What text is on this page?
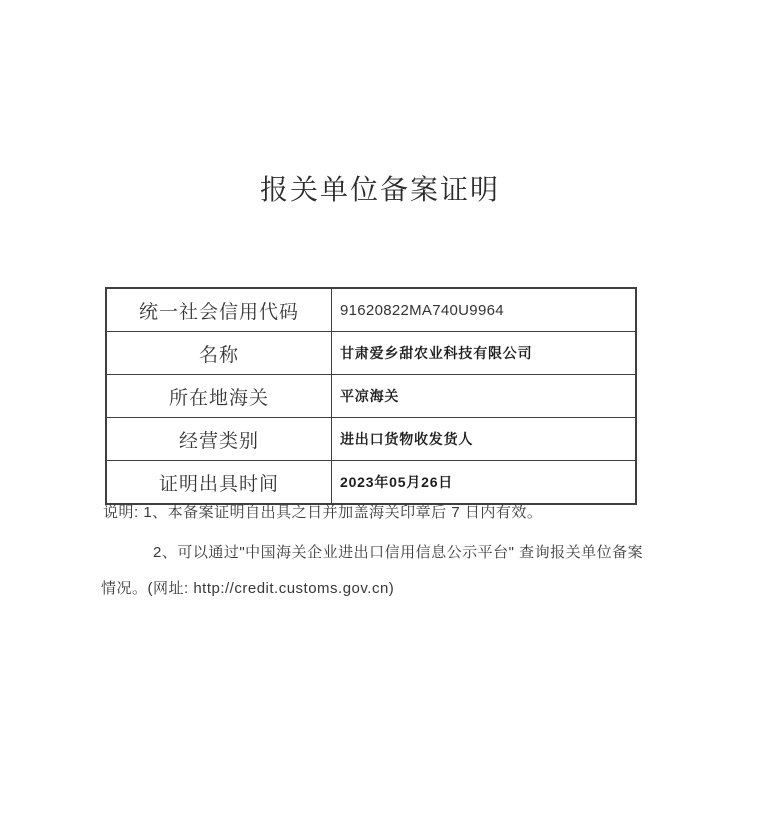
报关单位备案证明
统一社会信用代码	91620822MA740U9964
名称	甘肃爱乡甜农业科技有限公司
所在地海关	平凉海关
经营类别	进出口货物收发货人
证明出具时间	2023年05月26日
说明: 1、本备案证明自出具之日并加盖海关印章后 7 日内有效。
2、可以通过"中国海关企业进出口信用信息公示平台" 查询报关单位备案
情况。(网址: http://credit.customs.gov.cn)
